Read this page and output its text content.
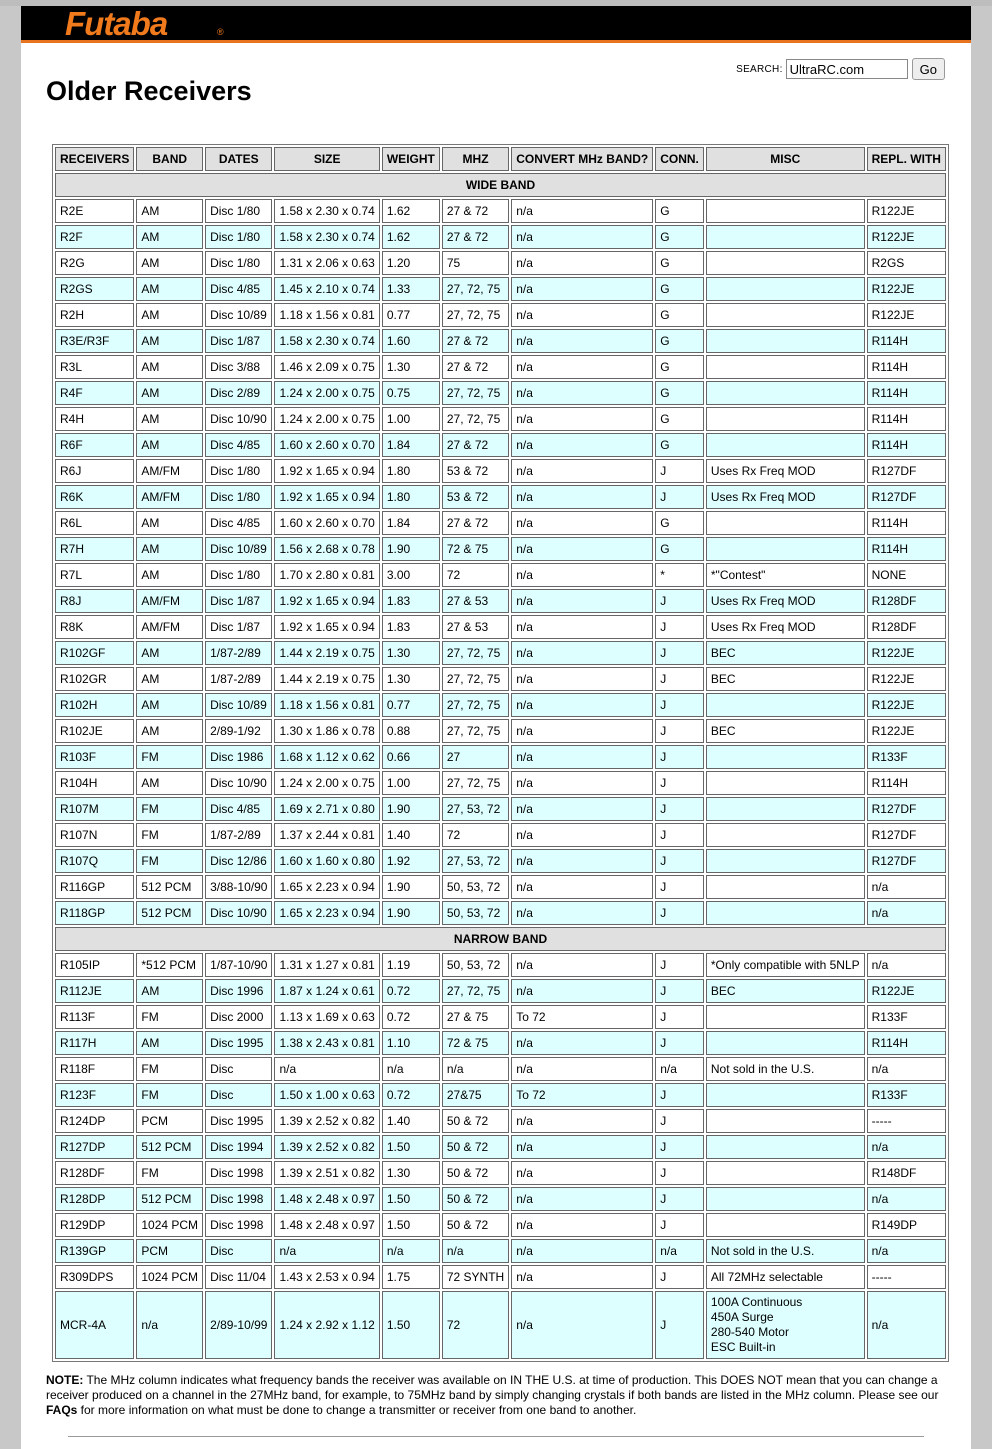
Futaba	®
SEARCH:
UltraRC.com	Go
Older Receivers
RECEIVERS	BAND	DATES	SIZE	WEIGHT	MHZ	CONVERT MHz BAND?	CONN.	MISC	REPL. WITH
WIDE BAND									
R2E	AM	Disc 1/80	1.58 x 2.30 x 0.74	1.62	27 & 72	n/a	G		R122JE
R2F	AM	Disc 1/80	1.58 x 2.30 x 0.74	1.62	27 & 72	n/a	G		R122JE
R2G	AM	Disc 1/80	1.31 x 2.06 x 0.63	1.20	75	n/a	G		R2GS
R2GS	AM	Disc 4/85	1.45 x 2.10 x 0.74	1.33	27, 72, 75	n/a	G		R122JE
R2H	AM	Disc 10/89	1.18 x 1.56 x 0.81	0.77	27, 72, 75	n/a	G		R122JE
R3E/R3F	AM	Disc 1/87	1.58 x 2.30 x 0.74	1.60	27 & 72	n/a	G		R114H
R3L	AM	Disc 3/88	1.46 x 2.09 x 0.75	1.30	27 & 72	n/a	G		R114H
R4F	AM	Disc 2/89	1.24 x 2.00 x 0.75	0.75	27, 72, 75	n/a	G		R114H
R4H	AM	Disc 10/90	1.24 x 2.00 x 0.75	1.00	27, 72, 75	n/a	G		R114H
R6F	AM	Disc 4/85	1.60 x 2.60 x 0.70	1.84	27 & 72	n/a	G		R114H
R6J	AM/FM	Disc 1/80	1.92 x 1.65 x 0.94	1.80	53 & 72	n/a	J	Uses Rx Freq MOD	R127DF
R6K	AM/FM	Disc 1/80	1.92 x 1.65 x 0.94	1.80	53 & 72	n/a	J	Uses Rx Freq MOD	R127DF
R6L	AM	Disc 4/85	1.60 x 2.60 x 0.70	1.84	27 & 72	n/a	G		R114H
R7H	AM	Disc 10/89	1.56 x 2.68 x 0.78	1.90	72 & 75	n/a	G		R114H
R7L	AM	Disc 1/80	1.70 x 2.80 x 0.81	3.00	72	n/a	*	*"Contest"	NONE
R8J	AM/FM	Disc 1/87	1.92 x 1.65 x 0.94	1.83	27 & 53	n/a	J	Uses Rx Freq MOD	R128DF
R8K	AM/FM	Disc 1/87	1.92 x 1.65 x 0.94	1.83	27 & 53	n/a	J	Uses Rx Freq MOD	R128DF
R102GF	AM	1/87-2/89	1.44 x 2.19 x 0.75	1.30	27, 72, 75	n/a	J	BEC	R122JE
R102GR	AM	1/87-2/89	1.44 x 2.19 x 0.75	1.30	27, 72, 75	n/a	J	BEC	R122JE
R102H	AM	Disc 10/89	1.18 x 1.56 x 0.81	0.77	27, 72, 75	n/a	J		R122JE
R102JE	AM	2/89-1/92	1.30 x 1.86 x 0.78	0.88	27, 72, 75	n/a	J	BEC	R122JE
R103F	FM	Disc 1986	1.68 x 1.12 x 0.62	0.66	27	n/a	J		R133F
R104H	AM	Disc 10/90	1.24 x 2.00 x 0.75	1.00	27, 72, 75	n/a	J		R114H
R107M	FM	Disc 4/85	1.69 x 2.71 x 0.80	1.90	27, 53, 72	n/a	J		R127DF
R107N	FM	1/87-2/89	1.37 x 2.44 x 0.81	1.40	72	n/a	J		R127DF
R107Q	FM	Disc 12/86	1.60 x 1.60 x 0.80	1.92	27, 53, 72	n/a	J		R127DF
R116GP	512 PCM	3/88-10/90	1.65 x 2.23 x 0.94	1.90	50, 53, 72	n/a	J		n/a
R118GP	512 PCM	Disc 10/90	1.65 x 2.23 x 0.94	1.90	50, 53, 72	n/a	J		n/a
NARROW BAND									
R105IP	*512 PCM	1/87-10/90	1.31 x 1.27 x 0.81	1.19	50, 53, 72	n/a	J	*Only compatible with 5NLP	n/a
R112JE	AM	Disc 1996	1.87 x 1.24 x 0.61	0.72	27, 72, 75	n/a	J	BEC	R122JE
R113F	FM	Disc 2000	1.13 x 1.69 x 0.63	0.72	27 & 75	To 72	J		R133F
R117H	AM	Disc 1995	1.38 x 2.43 x 0.81	1.10	72 & 75	n/a	J		R114H
R118F	FM	Disc	n/a	n/a	n/a	n/a	n/a	Not sold in the U.S.	n/a
R123F	FM	Disc	1.50 x 1.00 x 0.63	0.72	27&75	To 72	J		R133F
R124DP	PCM	Disc 1995	1.39 x 2.52 x 0.82	1.40	50 & 72	n/a	J		-----
R127DP	512 PCM	Disc 1994	1.39 x 2.52 x 0.82	1.50	50 & 72	n/a	J		n/a
R128DF	FM	Disc 1998	1.39 x 2.51 x 0.82	1.30	50 & 72	n/a	J		R148DF
R128DP	512 PCM	Disc 1998	1.48 x 2.48 x 0.97	1.50	50 & 72	n/a	J		n/a
R129DP	1024 PCM	Disc 1998	1.48 x 2.48 x 0.97	1.50	50 & 72	n/a	J		R149DP
R139GP	PCM	Disc	n/a	n/a	n/a	n/a	n/a	Not sold in the U.S.	n/a
R309DPS	1024 PCM	Disc 11/04	1.43 x 2.53 x 0.94	1.75	72 SYNTH	n/a	J	All 72MHz selectable	-----
MCR-4A	n/a	2/89-10/99	1.24 x 2.92 x 1.12	1.50	72	n/a	J	100A Continuous
450A Surge
280-540 Motor
ESC Built-in	n/a
NOTE: The MHz column indicates what frequency bands the receiver was available on IN THE U.S. at time of production. This DOES NOT mean that you can change a receiver produced on a channel in the 27MHz band, for example, to 75MHz band by simply changing crystals if both bands are listed in the MHz column. Please see our FAQs for more information on what must be done to change a transmitter or receiver from one band to another.
